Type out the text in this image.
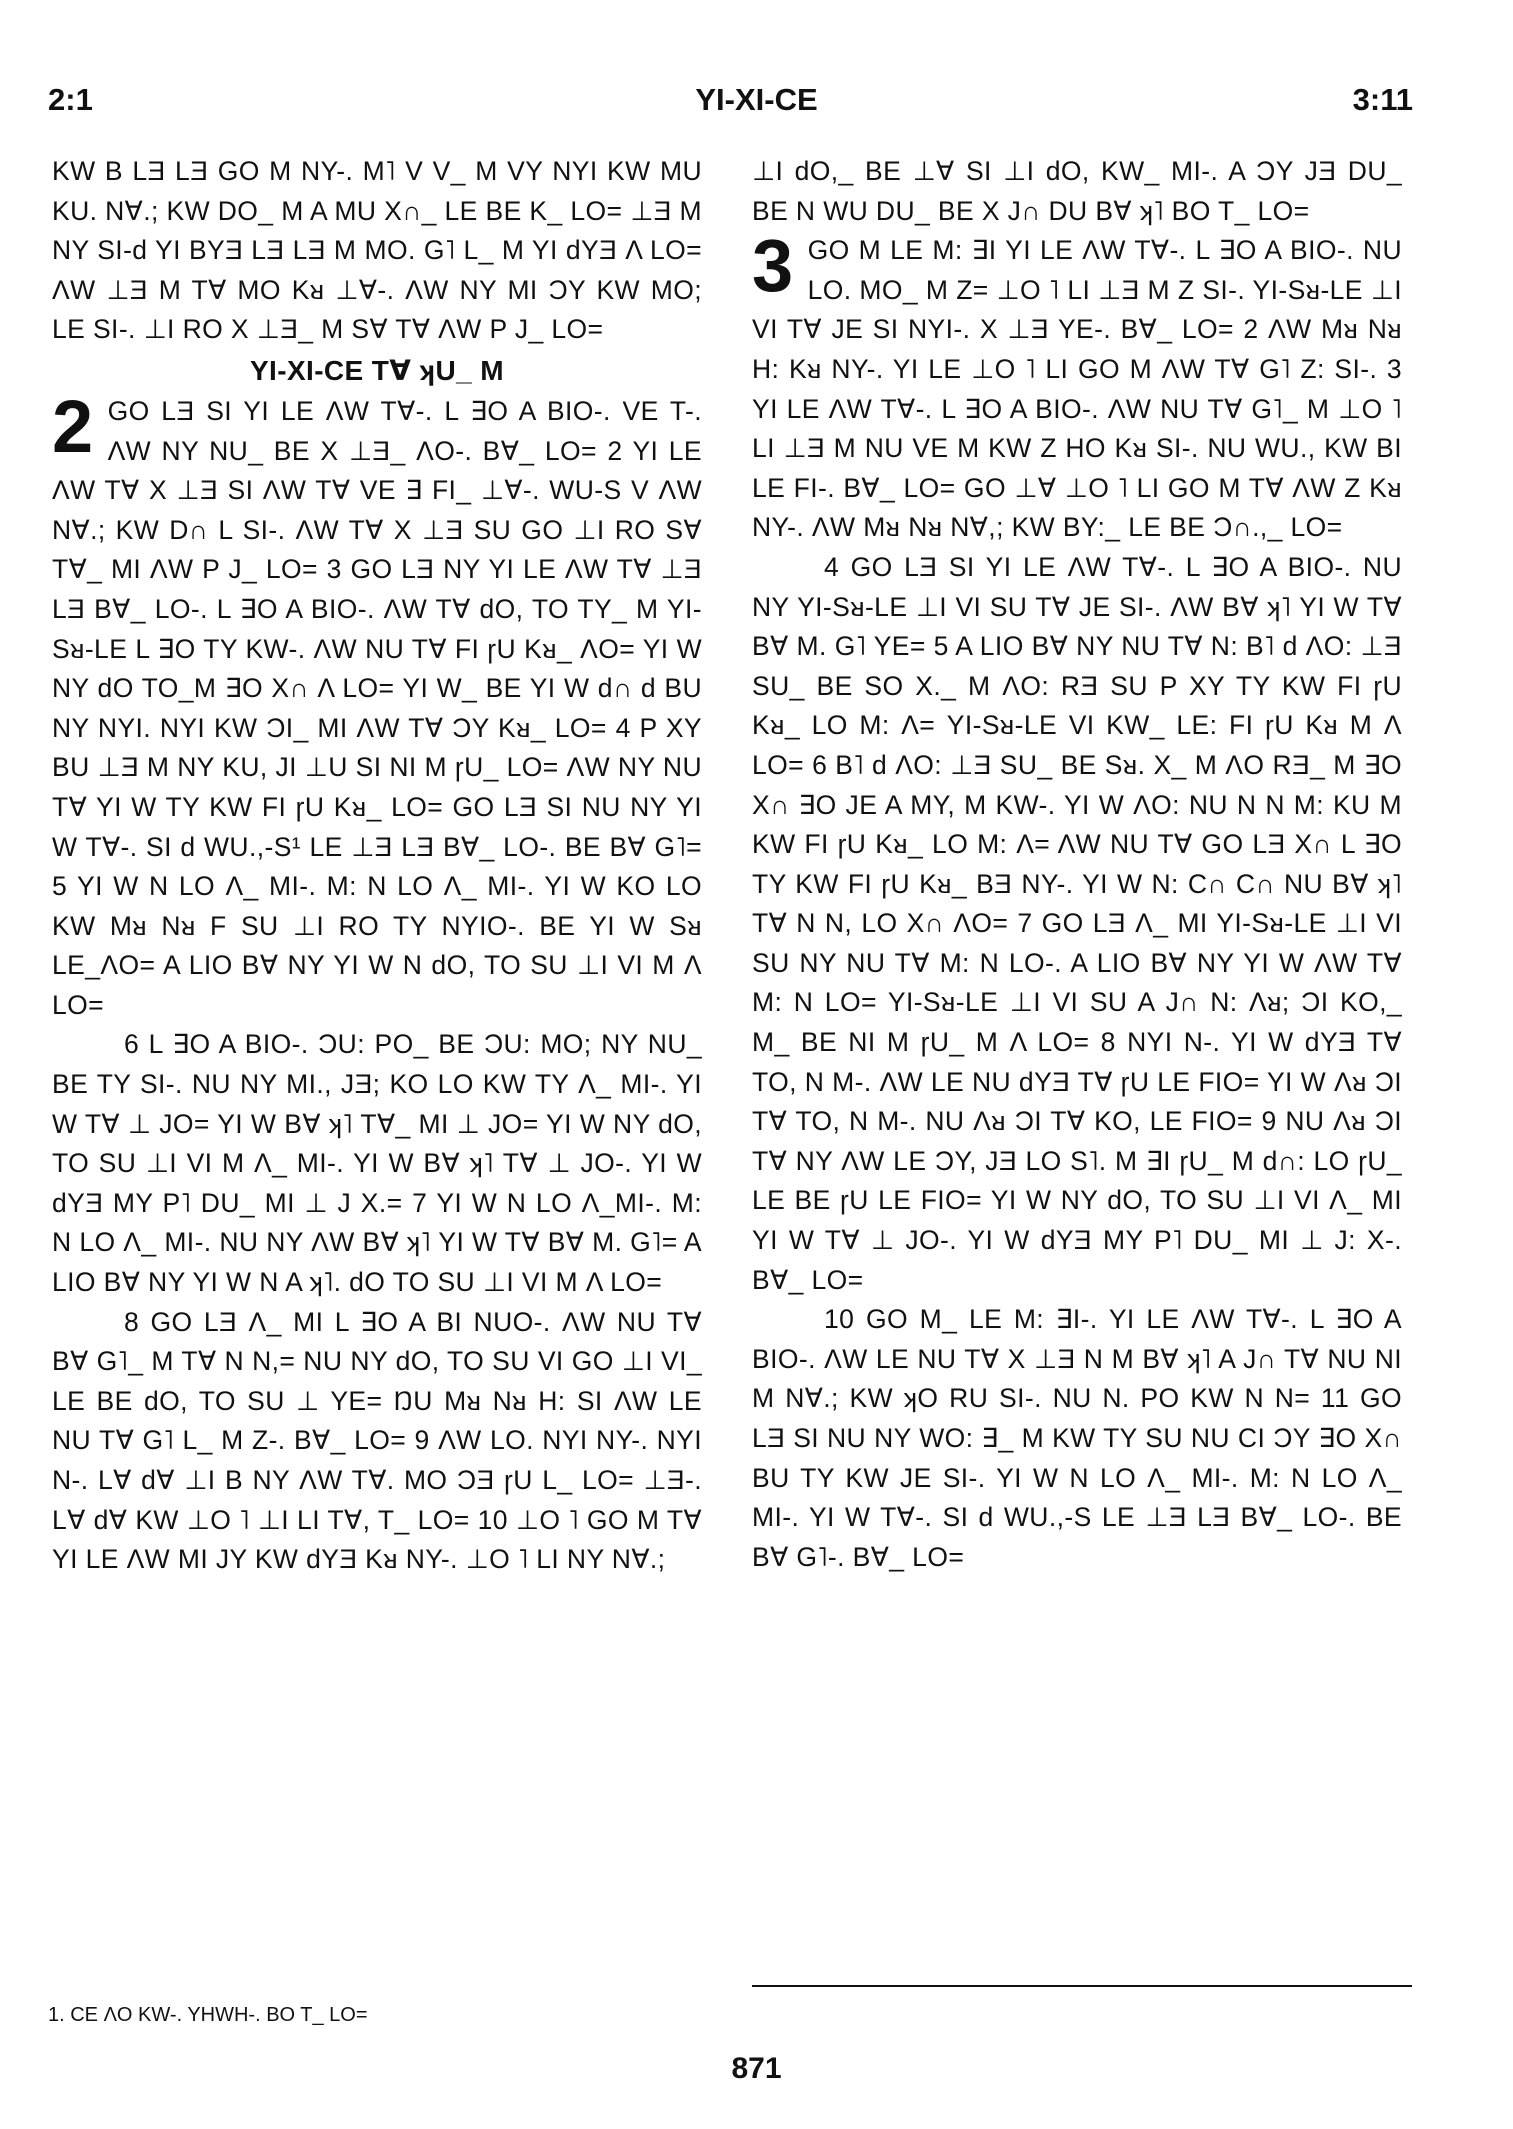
2:1	YI-XI-CE	3:11

KW B LƎ LƎ GO M NY-. M˥ V V_ M VY NYI KW MU KU. N∀.; KW DO_ M A MU X∩_ LE BE K_ LO= ⊥Ǝ M NY SI-d YI BYƎ LƎ LƎ M MO. G˥ L_ M YI dYƎ Λ LO= ΛW ⊥Ǝ M T∀ MO Kᴚ ⊥∀-. ΛW NY MI ƆY KW MO; LE SI-. ⊥I RO X ⊥Ǝ_ M S∀ T∀ ΛW P J_ LO=

YI-XI-CE T∀ ʞU_ M

2 GO LƎ SI YI LE ΛW T∀-. L ∃O A BIO-. VE T-. ΛW NY NU_ BE X ⊥Ǝ_ ΛO-. B∀_ LO= 2 YI LE ΛW T∀ X ⊥Ǝ SI ΛW T∀ VE ∃ FI_ ⊥∀-. WU-S V ΛW N∀.; KW D∩ L SI-. ΛW T∀ X ⊥Ǝ SU GO ⊥I RO S∀ T∀_ MI ΛW P J_ LO= 3 GO LƎ NY YI LE ΛW T∀ ⊥Ǝ LƎ B∀_ LO-. L ∃O A BIO-. ΛW T∀ dO, TO TY_ M YI-Sᴚ-LE L ∃O TY KW-. ΛW NU T∀ FI ɼU Kᴚ_ ΛO= YI W NY dO TO_M ∃O X∩ Λ LO= YI W_ BE YI W d∩ d BU NY NYI. NYI KW ƆI_ MI ΛW T∀ ƆY Kᴚ_ LO= 4 P XY BU ⊥Ǝ M NY KU, JI ⊥U SI NI M ɼU_ LO= ΛW NY NU T∀ YI W TY KW FI ɼU Kᴚ_ LO= GO LƎ SI NU NY YI W T∀-. SI d WU.,-S¹ LE ⊥Ǝ LƎ B∀_ LO-. BE B∀ G˥= 5 YI W N LO Λ_ MI-. M: N LO Λ_ MI-. YI W KO LO KW Mᴚ Nᴚ F SU ⊥I RO TY NYIO-. BE YI W Sᴚ LE_ΛO= A LIO B∀ NY YI W N dO, TO SU ⊥I VI M Λ LO=

6 L ∃O A BIO-. ƆU: PO_ BE ƆU: MO; NY NU_ BE TY SI-. NU NY MI., JƎ; KO LO KW TY Λ_ MI-. YI W T∀ ⊥ JO= YI W B∀ ʞ˥ T∀_ MI ⊥ JO= YI W NY dO, TO SU ⊥I VI M Λ_ MI-. YI W B∀ ʞ˥ T∀ ⊥ JO-. YI W dYƎ MY P˥ DU_ MI ⊥ J X.= 7 YI W N LO Λ_MI-. M: N LO Λ_ MI-. NU NY ΛW B∀ ʞ˥ YI W T∀ B∀ M. G˥= A LIO B∀ NY YI W N A ʞ˥. dO TO SU ⊥I VI M Λ LO=

8 GO LƎ Λ_ MI L ∃O A BI NUO-. ΛW NU T∀ B∀ G˥_ M T∀ N N,= NU NY dO, TO SU VI GO ⊥I VI_ LE BE dO, TO SU ⊥ YE= ŊU Mᴚ Nᴚ H: SI ΛW LE NU T∀ G˥ L_ M Z-. B∀_ LO= 9 ΛW LO. NYI NY-. NYI N-. L∀ d∀ ⊥I B NY ΛW T∀. MO ƆƎ ɼU L_ LO= ⊥Ǝ-. L∀ d∀ KW ⊥O ˥ ⊥I LI T∀, T_ LO= 10 ⊥O ˥ GO M T∀ YI LE ΛW MI JY KW dYƎ Kᴚ NY-. ⊥O ˥ LI NY N∀.;

⊥I dO,_ BE ⊥∀ SI ⊥I dO, KW_ MI-. A ƆY JƎ DU_ BE N WU DU_ BE X J∩ DU B∀ ʞ˥ BO T_ LO=

3 GO M LE M: ∃I YI LE ΛW T∀-. L ∃O A BIO-. NU LO. MO_ M Z= ⊥O ˥ LI ⊥Ǝ M Z SI-. YI-Sᴚ-LE ⊥I VI T∀ JE SI NYI-. X ⊥Ǝ YE-. B∀_ LO= 2 ΛW Mᴚ Nᴚ H: Kᴚ NY-. YI LE ⊥O ˥ LI GO M ΛW T∀ G˥ Z: SI-. 3 YI LE ΛW T∀-. L ∃O A BIO-. ΛW NU T∀ G˥_ M ⊥O ˥ LI ⊥Ǝ M NU VE M KW Z HO Kᴚ SI-. NU WU., KW BI LE FI-. B∀_ LO= GO ⊥∀ ⊥O ˥ LI GO M T∀ ΛW Z Kᴚ NY-. ΛW Mᴚ Nᴚ N∀,; KW BY:_ LE BE Ɔ∩.,_ LO=

4 GO LƎ SI YI LE ΛW T∀-. L ∃O A BIO-. NU NY YI-Sᴚ-LE ⊥I VI SU T∀ JE SI-. ΛW B∀ ʞ˥ YI W T∀ B∀ M. G˥ YE= 5 A LIO B∀ NY NU T∀ N: B˥ d ΛO: ⊥Ǝ SU_ BE SO X._ M ΛO: RƎ SU P XY TY KW FI ɼU Kᴚ_ LO M: Λ= YI-Sᴚ-LE VI KW_ LE: FI ɼU Kᴚ M Λ LO= 6 B˥ d ΛO: ⊥Ǝ SU_ BE Sᴚ. X_ M ΛO RƎ_ M ∃O X∩ ∃O JE A MY, M KW-. YI W ΛO: NU N N M: KU M KW FI ɼU Kᴚ_ LO M: Λ= ΛW NU T∀ GO LƎ X∩ L ∃O TY KW FI ɼU Kᴚ_ BƎ NY-. YI W N: C∩ C∩ NU B∀ ʞ˥ T∀ N N, LO X∩ ΛO= 7 GO LƎ Λ_ MI YI-Sᴚ-LE ⊥I VI SU NY NU T∀ M: N LO-. A LIO B∀ NY YI W ΛW T∀ M: N LO= YI-Sᴚ-LE ⊥I VI SU A J∩ N: Λᴚ; ƆI KO,_ M_ BE NI M ɼU_ M Λ LO= 8 NYI N-. YI W dYƎ T∀ TO, N M-. ΛW LE NU dYƎ T∀ ɼU LE FIO= YI W Λᴚ ƆI T∀ TO, N M-. NU Λᴚ ƆI T∀ KO, LE FIO= 9 NU Λᴚ ƆI T∀ NY ΛW LE ƆY, JƎ LO S˥. M ∃I ɼU_ M d∩: LO ɼU_ LE BE ɼU LE FIO= YI W NY dO, TO SU ⊥I VI Λ_ MI YI W T∀ ⊥ JO-. YI W dYƎ MY P˥ DU_ MI ⊥ J: X-. B∀_ LO=

10 GO M_ LE M: ∃I-. YI LE ΛW T∀-. L ∃O A BIO-. ΛW LE NU T∀ X ⊥Ǝ N M B∀ ʞ˥ A J∩ T∀ NU NI M N∀.; KW ʞO RU SI-. NU N. PO KW N N= 11 GO LƎ SI NU NY WO: ∃_ M KW TY SU NU CI ƆY ∃O X∩ BU TY KW JE SI-. YI W N LO Λ_ MI-. M: N LO Λ_ MI-. YI W T∀-. SI d WU.,-S LE ⊥Ǝ LƎ B∀_ LO-. BE B∀ G˥-. B∀_ LO=

1. CE ΛO KW-. YHWH-. BO T_ LO=
871
